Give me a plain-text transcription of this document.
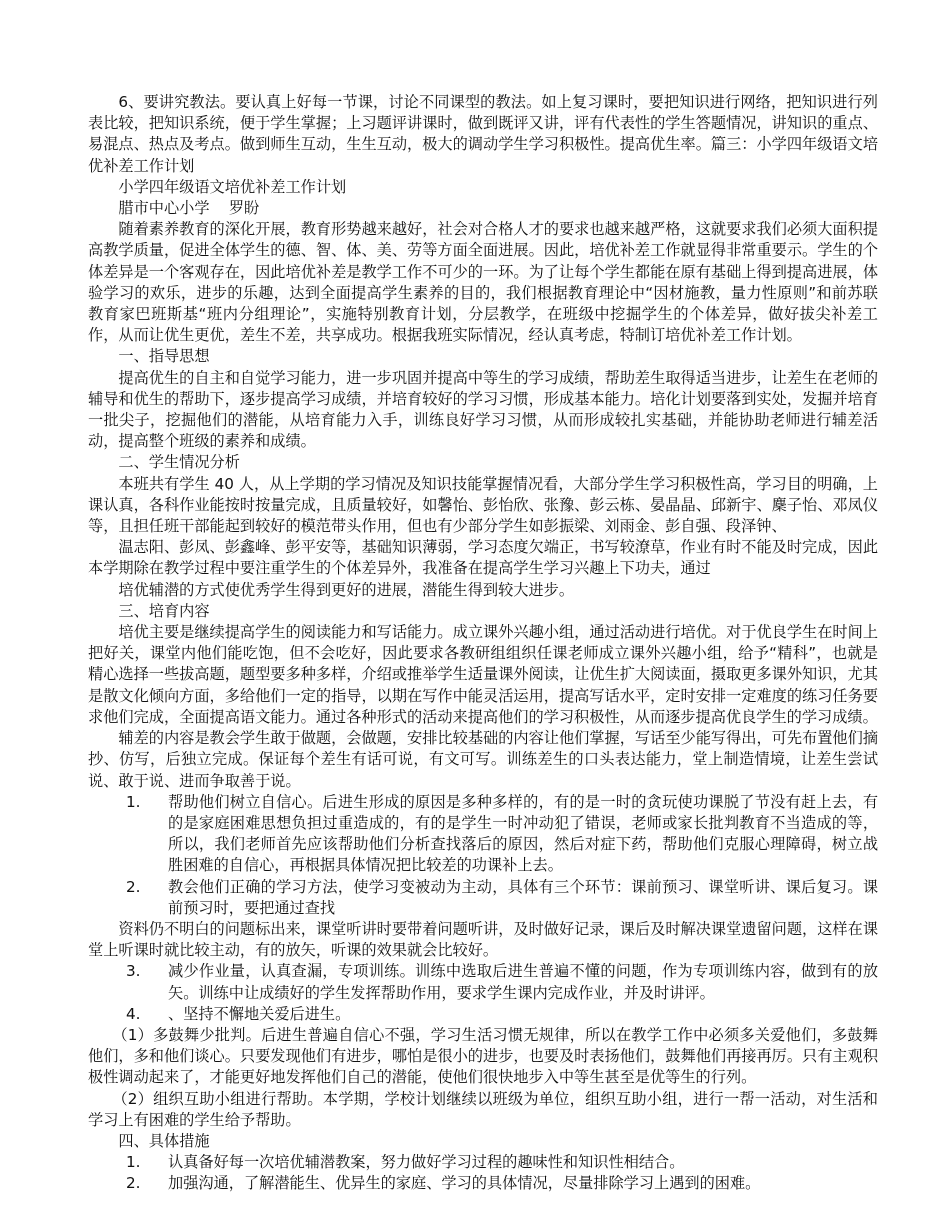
6、要讲究教法。要认真上好每一节课，讨论不同课型的教法。如上复习课时，要把知识进行网络，把知识进行列表比较，把知识系统，便于学生掌握；上习题评讲课时，做到既评又讲，评有代表性的学生答题情况，讲知识的重点、易混点、热点及考点。做到师生互动，生生互动，极大的调动学生学习积极性。提高优生率。篇三：小学四年级语文培优补差工作计划

小学四年级语文培优补差工作计划

腊市中心小学    罗盼

随着素养教育的深化开展，教育形势越来越好，社会对合格人才的要求也越来越严格，这就要求我们必须大面积提高教学质量，促进全体学生的德、智、体、美、劳等方面全面进展。因此，培优补差工作就显得非常重要示。学生的个体差异是一个客观存在，因此培优补差是教学工作不可少的一环。为了让每个学生都能在原有基础上得到提高进展，体验学习的欢乐，进步的乐趣，达到全面提高学生素养的目的，我们根据教育理论中“因材施教，量力性原则”和前苏联教育家巴班斯基“班内分组理论”，实施特别教育计划，分层教学，在班级中挖掘学生的个体差异，做好拔尖补差工作，从而让优生更优，差生不差，共享成功。根据我班实际情况，经认真考虑，特制订培优补差工作计划。

一、指导思想

提高优生的自主和自觉学习能力，进一步巩固并提高中等生的学习成绩，帮助差生取得适当进步，让差生在老师的辅导和优生的帮助下，逐步提高学习成绩，并培育较好的学习习惯，形成基本能力。培化计划要落到实处，发掘并培育一批尖子，挖掘他们的潜能，从培育能力入手，训练良好学习习惯，从而形成较扎实基础，并能协助老师进行辅差活动，提高整个班级的素养和成绩。

二、学生情况分析

本班共有学生 40 人，从上学期的学习情况及知识技能掌握情况看，大部分学生学习积极性高，学习目的明确，上课认真，各科作业能按时按量完成，且质量较好，如馨怡、彭怡欣、张豫、彭云栋、晏晶晶、邱新宇、麇子怡、邓凤仪等，且担任班干部能起到较好的模范带头作用，但也有少部分学生如彭振梁、刘雨金、彭自强、段泽钟、

温志阳、彭凤、彭鑫峰、彭平安等，基础知识薄弱，学习态度欠端正，书写较潦草，作业有时不能及时完成，因此本学期除在教学过程中要注重学生的个体差异外，我准备在提高学生学习兴趣上下功夫，通过

培优辅潜的方式使优秀学生得到更好的进展，潜能生得到较大进步。

三、培育内容

培优主要是继续提高学生的阅读能力和写话能力。成立课外兴趣小组，通过活动进行培优。对于优良学生在时间上把好关，课堂内他们能吃饱，但不会吃好，因此要求各教研组组织任课老师成立课外兴趣小组，给予“精科”，也就是精心选择一些拔高题，题型要多种多样，介绍或推举学生适量课外阅读，让优生扩大阅读面，摄取更多课外知识，尤其是散文化倾向方面，多给他们一定的指导，以期在写作中能灵活运用，提高写话水平，定时安排一定难度的练习任务要求他们完成，全面提高语文能力。通过各种形式的活动来提高他们的学习积极性，从而逐步提高优良学生的学习成绩。

辅差的内容是教会学生敢于做题，会做题，安排比较基础的内容让他们掌握，写话至少能写得出，可先布置他们摘抄、仿写，后独立完成。保证每个差生有话可说，有文可写。训练差生的口头表达能力，堂上制造情境，让差生尝试说、敢于说、进而争取善于说。

1.	帮助他们树立自信心。后进生形成的原因是多种多样的，有的是一时的贪玩使功课脱了节没有赶上去，有的是家庭困难思想负担过重造成的，有的是学生一时冲动犯了错误，老师或家长批判教育不当造成的等，所以，我们老师首先应该帮助他们分析查找落后的原因，然后对症下药，帮助他们克服心理障碍，树立战胜困难的自信心，再根据具体情况把比较差的功课补上去。
2.	教会他们正确的学习方法，使学习变被动为主动，具体有三个环节：课前预习、课堂听讲、课后复习。课前预习时，要把通过查找

资料仍不明白的问题标出来，课堂听讲时要带着问题听讲，及时做好记录，课后及时解决课堂遗留问题，这样在课堂上听课时就比较主动，有的放矢，听课的效果就会比较好。

3.	减少作业量，认真查漏，专项训练。训练中选取后进生普遍不懂的问题，作为专项训练内容，做到有的放矢。训练中让成绩好的学生发挥帮助作用，要求学生课内完成作业，并及时讲评。
4.	、坚持不懈地关爱后进生。

（1）多鼓舞少批判。后进生普遍自信心不强，学习生活习惯无规律，所以在教学工作中必须多关爱他们，多鼓舞他们，多和他们谈心。只要发现他们有进步，哪怕是很小的进步，也要及时表扬他们，鼓舞他们再接再厉。只有主观积极性调动起来了，才能更好地发挥他们自己的潜能，使他们很快地步入中等生甚至是优等生的行列。

（2）组织互助小组进行帮助。本学期，学校计划继续以班级为单位，组织互助小组，进行一帮一活动，对生活和学习上有困难的学生给予帮助。

四、具体措施

1.	认真备好每一次培优辅潜教案，努力做好学习过程的趣味性和知识性相结合。
2.	加强沟通，了解潜能生、优异生的家庭、学习的具体情况，尽量排除学习上遇到的困难。
